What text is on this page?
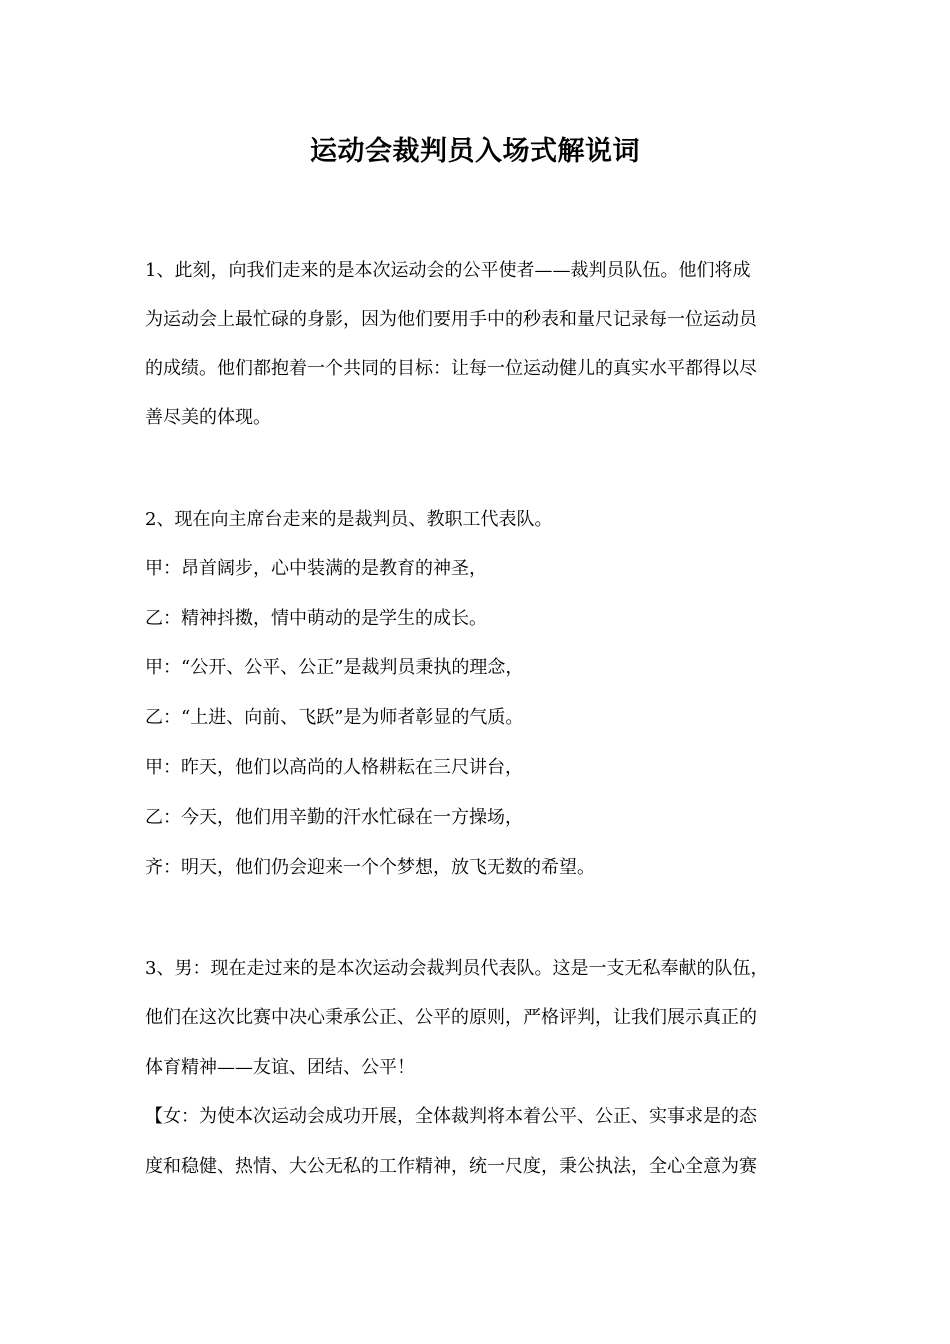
运动会裁判员入场式解说词
1、此刻，向我们走来的是本次运动会的公平使者——裁判员队伍。他们将成
为运动会上最忙碌的身影，因为他们要用手中的秒表和量尺记录每一位运动员
的成绩。他们都抱着一个共同的目标：让每一位运动健儿的真实水平都得以尽
善尽美的体现。
2、现在向主席台走来的是裁判员、教职工代表队。
甲：昂首阔步，心中装满的是教育的神圣，
乙：精神抖擞，情中萌动的是学生的成长。
甲：“公开、公平、公正”是裁判员秉执的理念，
乙：“上进、向前、飞跃”是为师者彰显的气质。
甲：昨天，他们以高尚的人格耕耘在三尺讲台，
乙：今天，他们用辛勤的汗水忙碌在一方操场，
齐：明天，他们仍会迎来一个个梦想，放飞无数的希望。
3、男：现在走过来的是本次运动会裁判员代表队。这是一支无私奉献的队伍，
他们在这次比赛中决心秉承公正、公平的原则，严格评判，让我们展示真正的
体育精神——友谊、团结、公平！
【女：为使本次运动会成功开展，全体裁判将本着公平、公正、实事求是的态
度和稳健、热情、大公无私的工作精神，统一尺度，秉公执法，全心全意为赛
